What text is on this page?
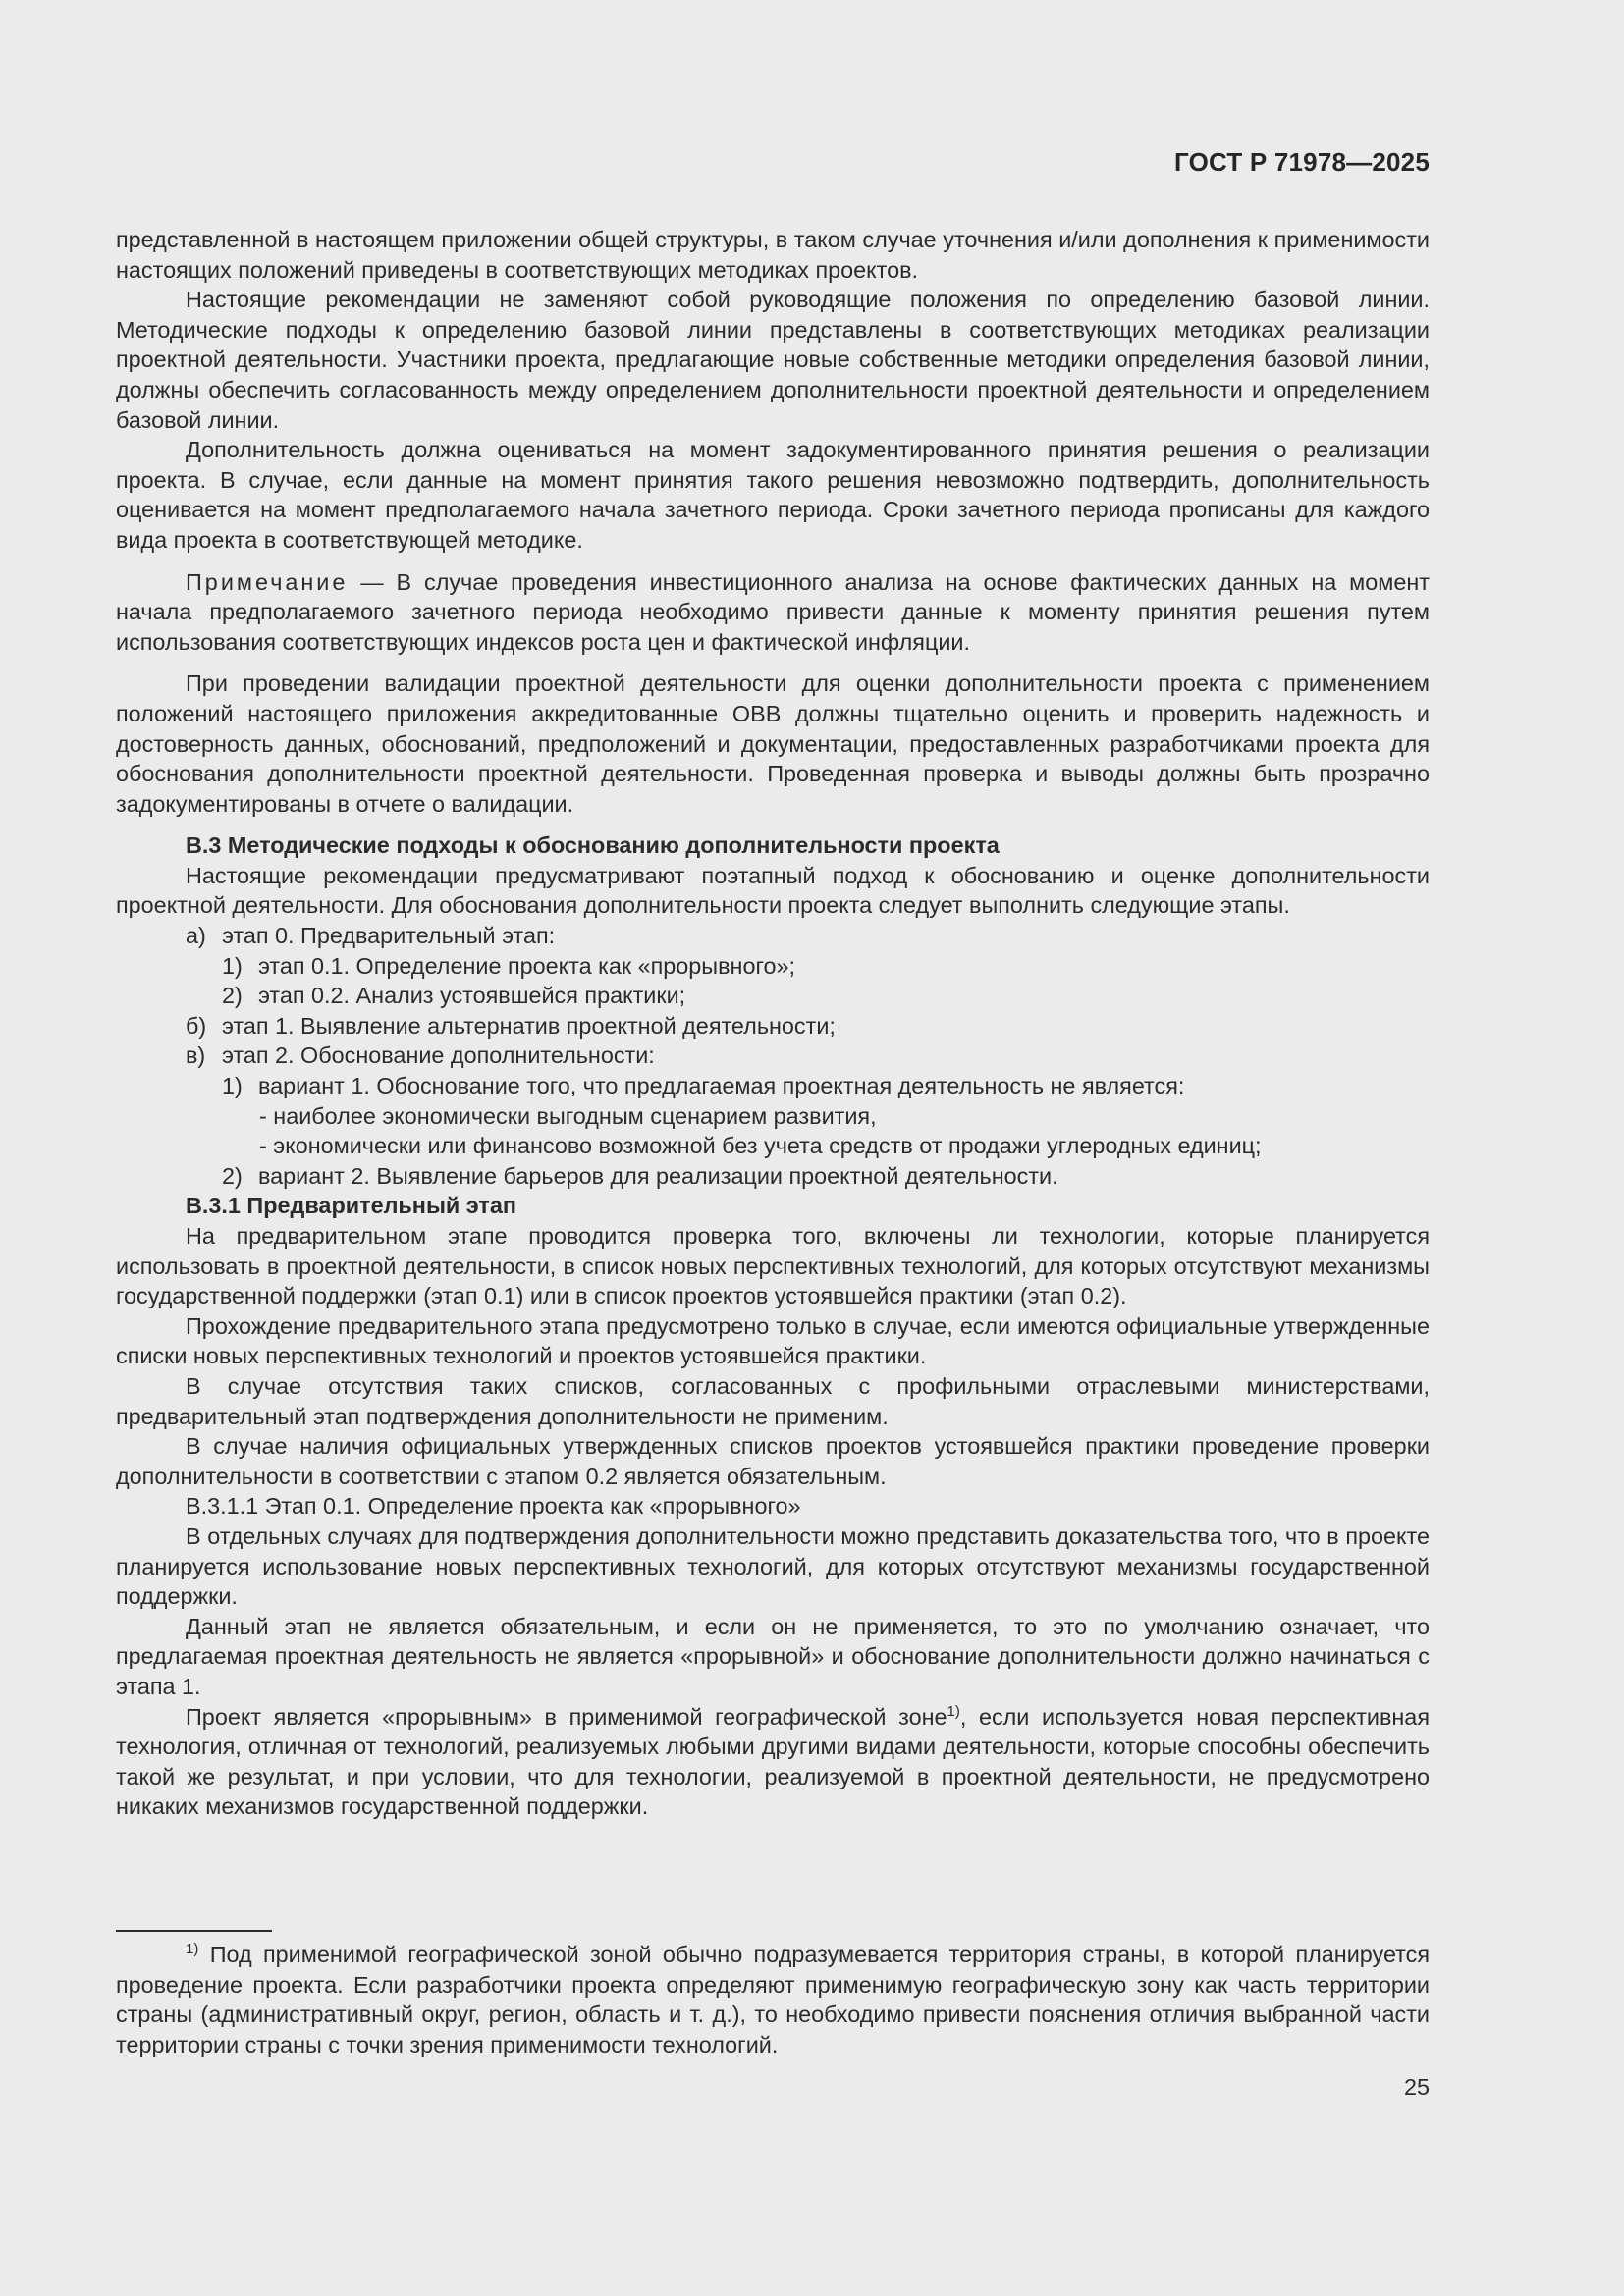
ГОСТ Р 71978—2025

представленной в настоящем приложении общей структуры, в таком случае уточнения и/или дополнения к применимости настоящих положений приведены в соответствующих методиках проектов.

Настоящие рекомендации не заменяют собой руководящие положения по определению базовой линии. Методические подходы к определению базовой линии представлены в соответствующих методиках реализации проектной деятельности. Участники проекта, предлагающие новые собственные методики определения базовой линии, должны обеспечить согласованность между определением дополнительности проектной деятельности и определением базовой линии.

Дополнительность должна оцениваться на момент задокументированного принятия решения о реализации проекта. В случае, если данные на момент принятия такого решения невозможно подтвердить, дополнительность оценивается на момент предполагаемого начала зачетного периода. Сроки зачетного периода прописаны для каждого вида проекта в соответствующей методике.

Примечание — В случае проведения инвестиционного анализа на основе фактических данных на момент начала предполагаемого зачетного периода необходимо привести данные к моменту принятия решения путем использования соответствующих индексов роста цен и фактической инфляции.

При проведении валидации проектной деятельности для оценки дополнительности проекта с применением положений настоящего приложения аккредитованные ОВВ должны тщательно оценить и проверить надежность и достоверность данных, обоснований, предположений и документации, предоставленных разработчиками проекта для обоснования дополнительности проектной деятельности. Проведенная проверка и выводы должны быть прозрачно задокументированы в отчете о валидации.

В.3 Методические подходы к обоснованию дополнительности проекта

Настоящие рекомендации предусматривают поэтапный подход к обоснованию и оценке дополнительности проектной деятельности. Для обоснования дополнительности проекта следует выполнить следующие этапы.

а) этап 0. Предварительный этап:
1) этап 0.1. Определение проекта как «прорывного»;
2) этап 0.2. Анализ устоявшейся практики;
б) этап 1. Выявление альтернатив проектной деятельности;
в) этап 2. Обоснование дополнительности:
1) вариант 1. Обоснование того, что предлагаемая проектная деятельность не является:
- наиболее экономически выгодным сценарием развития,
- экономически или финансово возможной без учета средств от продажи углеродных единиц;
2) вариант 2. Выявление барьеров для реализации проектной деятельности.
В.3.1 Предварительный этап

На предварительном этапе проводится проверка того, включены ли технологии, которые планируется использовать в проектной деятельности, в список новых перспективных технологий, для которых отсутствуют механизмы государственной поддержки (этап 0.1) или в список проектов устоявшейся практики (этап 0.2).

Прохождение предварительного этапа предусмотрено только в случае, если имеются официальные утвержденные списки новых перспективных технологий и проектов устоявшейся практики.

В случае отсутствия таких списков, согласованных с профильными отраслевыми министерствами, предварительный этап подтверждения дополнительности не применим.

В случае наличия официальных утвержденных списков проектов устоявшейся практики проведение проверки дополнительности в соответствии с этапом 0.2 является обязательным.

В.3.1.1 Этап 0.1. Определение проекта как «прорывного»

В отдельных случаях для подтверждения дополнительности можно представить доказательства того, что в проекте планируется использование новых перспективных технологий, для которых отсутствуют механизмы государственной поддержки.

Данный этап не является обязательным, и если он не применяется, то это по умолчанию означает, что предлагаемая проектная деятельность не является «прорывной» и обоснование дополнительности должно начинаться с этапа 1.

Проект является «прорывным» в применимой географической зоне$^{1)}$, если используется новая перспективная технология, отличная от технологий, реализуемых любыми другими видами деятельности, которые способны обеспечить такой же результат, и при условии, что для технологии, реализуемой в проектной деятельности, не предусмотрено никаких механизмов государственной поддержки.

$^{1)}$ Под применимой географической зоной обычно подразумевается территория страны, в которой планируется проведение проекта. Если разработчики проекта определяют применимую географическую зону как часть территории страны (административный округ, регион, область и т. д.), то необходимо привести пояснения отличия выбранной части территории страны с точки зрения применимости технологий.

25
